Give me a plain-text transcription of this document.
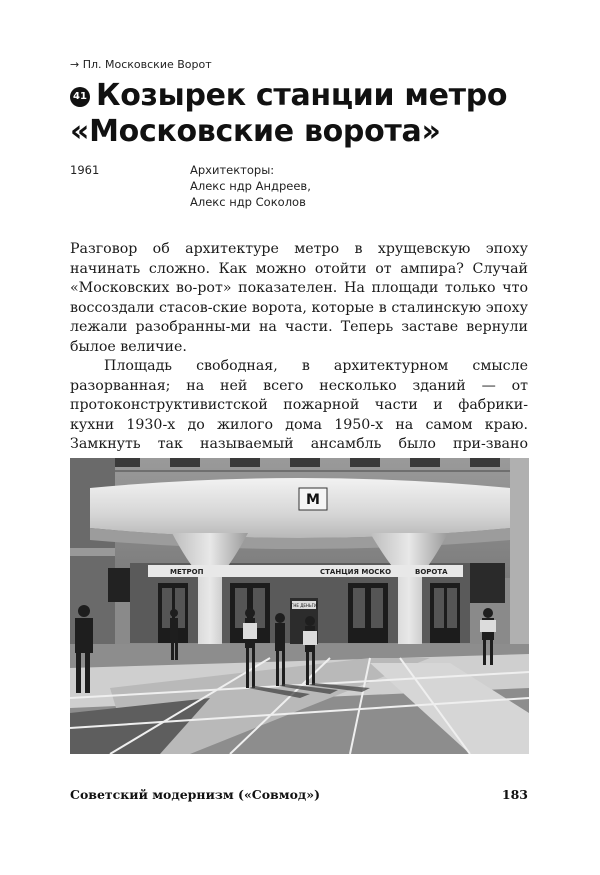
→ Пл. Московские Ворот
41 Козырек станции метро «Московские ворота»
1961	Архитекторы:
Алекс ндр Андреев,
Алекс ндр Соколов

Разговор об архитектуре метро в хрущевскую эпоху начинать сложно. Как можно отойти от ампира? Случай «Московских во-рот» показателен. На площади только что воссоздали стасов-ские ворота, которые в сталинскую эпоху лежали разобранны-ми на части. Теперь заставе вернули былое величие.

Площадь свободная, в архитектурном смысле разорванная; на ней всего несколько зданий — от протоконструктивистской пожарной части и фабрики-кухни 1930-х до жилого дома 1950-х на самом краю. Замкнуть так называемый ансамбль было при-звано

M
МЕТРОП	СТАНЦИЯ МОСКО	ВОРОТА
ГНЕ ДЕНЬГИ
Советский модернизм («Совмод»)	183
